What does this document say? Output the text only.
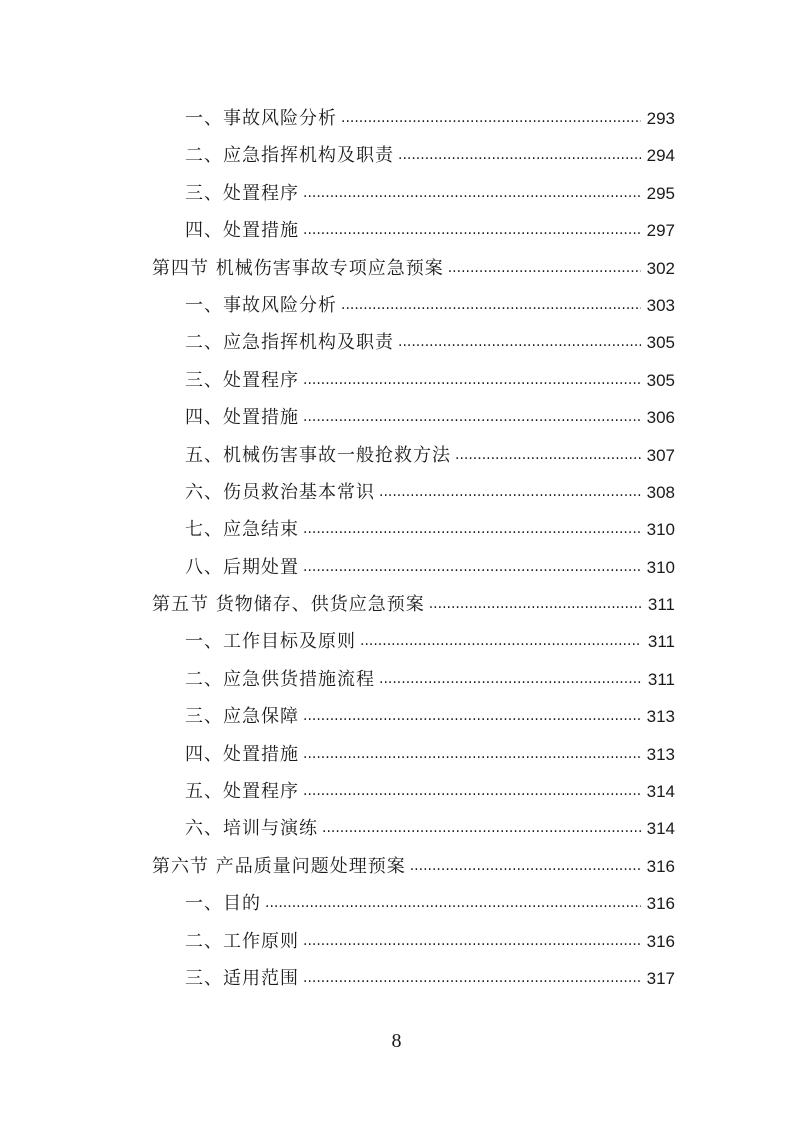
一、事故风险分析 .....	293
二、应急指挥机构及职责 .....	294
三、处置程序 .....	295
四、处置措施 .....	297
第四节 机械伤害事故专项应急预案 .....	302
一、事故风险分析 .....	303
二、应急指挥机构及职责 .....	305
三、处置程序 .....	305
四、处置措施 .....	306
五、机械伤害事故一般抢救方法 .....	307
六、伤员救治基本常识 .....	308
七、应急结束 .....	310
八、后期处置 .....	310
第五节 货物储存、供货应急预案 .....	311
一、工作目标及原则 .....	311
二、应急供货措施流程 .....	311
三、应急保障 .....	313
四、处置措施 .....	313
五、处置程序 .....	314
六、培训与演练 .....	314
第六节 产品质量问题处理预案 .....	316
一、目的 .....	316
二、工作原则 .....	316
三、适用范围 .....	317
8
